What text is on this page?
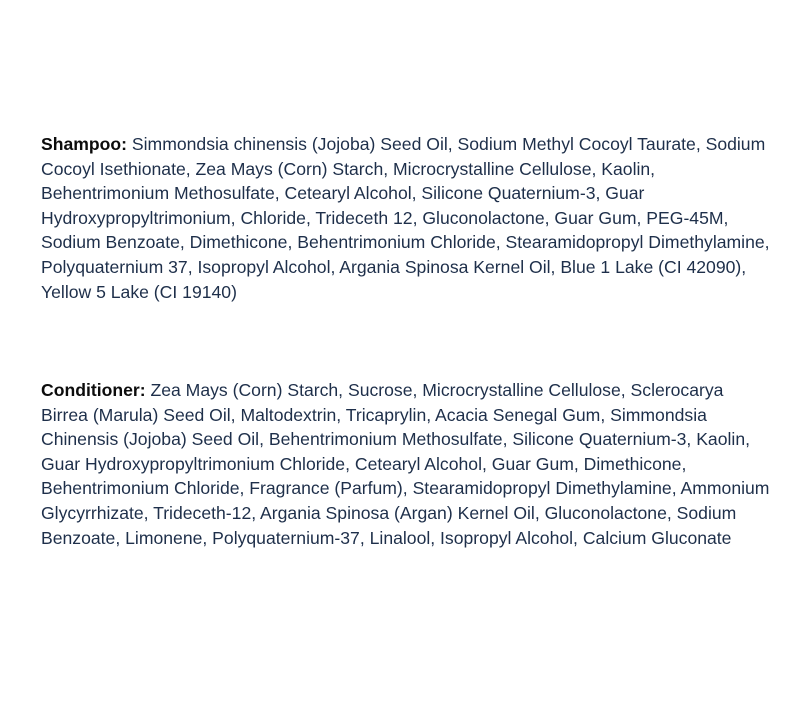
Shampoo: Simmondsia chinensis (Jojoba) Seed Oil, Sodium Methyl Cocoyl Taurate, Sodium Cocoyl Isethionate, Zea Mays (Corn) Starch, Microcrystalline Cellulose, Kaolin, Behentrimonium Methosulfate, Cetearyl Alcohol, Silicone Quaternium-3, Guar Hydroxypropyltrimonium, Chloride, Trideceth 12, Gluconolactone, Guar Gum, PEG-45M, Sodium Benzoate, Dimethicone, Behentrimonium Chloride, Stearamidopropyl Dimethylamine, Polyquaternium 37, Isopropyl Alcohol, Argania Spinosa Kernel Oil, Blue 1 Lake (CI 42090), Yellow 5 Lake (CI 19140)

Conditioner: Zea Mays (Corn) Starch, Sucrose, Microcrystalline Cellulose, Sclerocarya Birrea (Marula) Seed Oil, Maltodextrin, Tricaprylin, Acacia Senegal Gum, Simmondsia Chinensis (Jojoba) Seed Oil, Behentrimonium Methosulfate, Silicone Quaternium-3, Kaolin, Guar Hydroxypropyltrimonium Chloride, Cetearyl Alcohol, Guar Gum, Dimethicone, Behentrimonium Chloride, Fragrance (Parfum), Stearamidopropyl Dimethylamine, Ammonium Glycyrrhizate, Trideceth-12, Argania Spinosa (Argan) Kernel Oil, Gluconolactone, Sodium Benzoate, Limonene, Polyquaternium-37, Linalool, Isopropyl Alcohol, Calcium Gluconate
